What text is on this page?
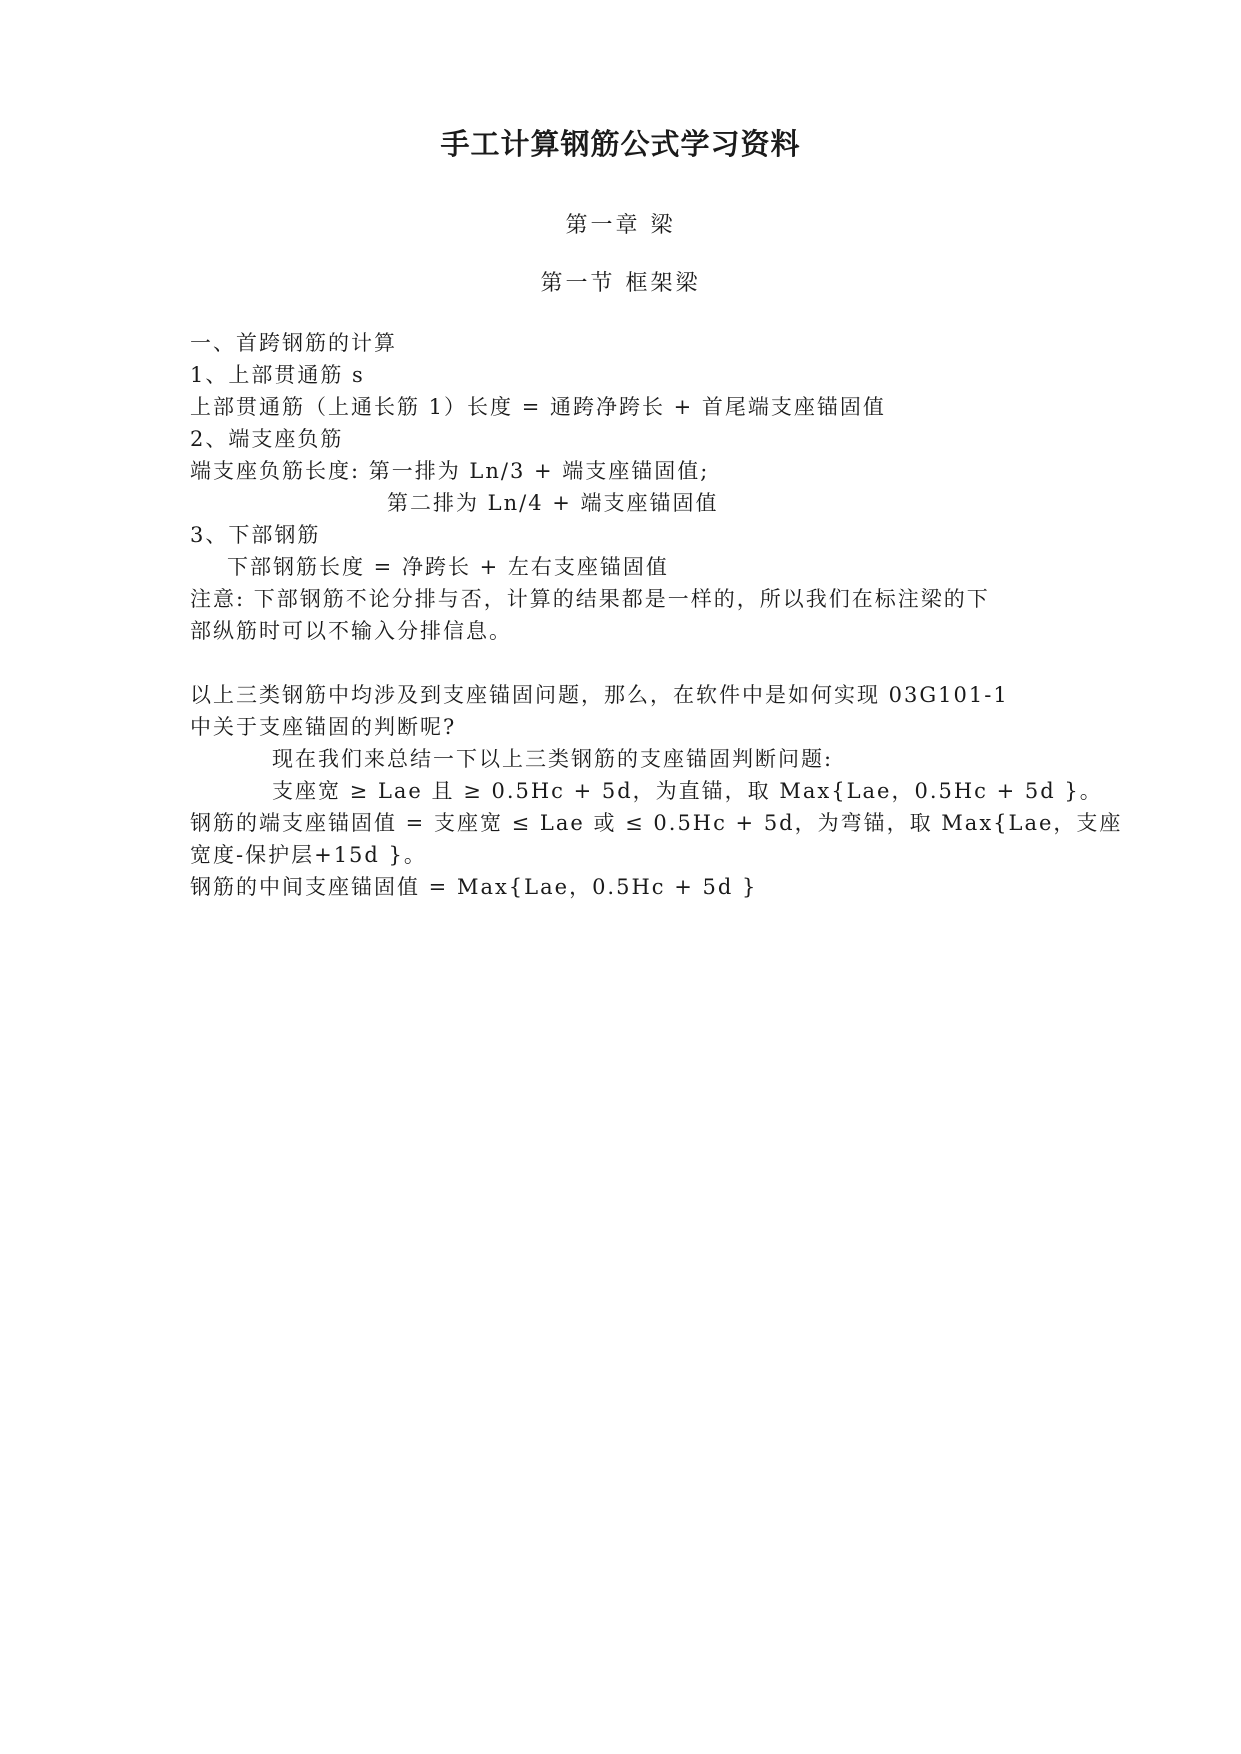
手工计算钢筋公式学习资料
第一章 梁
第一节 框架梁
一、首跨钢筋的计算
1、上部贯通筋 s
上部贯通筋（上通长筋 1）长度 = 通跨净跨长 + 首尾端支座锚固值
2、端支座负筋
端支座负筋长度: 第一排为 Ln/3 + 端支座锚固值;
第二排为 Ln/4 + 端支座锚固值
3、下部钢筋
下部钢筋长度 = 净跨长 + 左右支座锚固值
注意: 下部钢筋不论分排与否，计算的结果都是一样的，所以我们在标注梁的下
部纵筋时可以不输入分排信息。
以上三类钢筋中均涉及到支座锚固问题，那么，在软件中是如何实现 03G101-1
中关于支座锚固的判断呢?
现在我们来总结一下以上三类钢筋的支座锚固判断问题:
支座宽 ≥ Lae 且 ≥ 0.5Hc + 5d，为直锚，取 Max{Lae，0.5Hc + 5d }。
钢筋的端支座锚固值 = 支座宽 ≤ Lae 或 ≤ 0.5Hc + 5d，为弯锚，取 Max{Lae，支座
宽度-保护层+15d }。
钢筋的中间支座锚固值 = Max{Lae，0.5Hc + 5d }
